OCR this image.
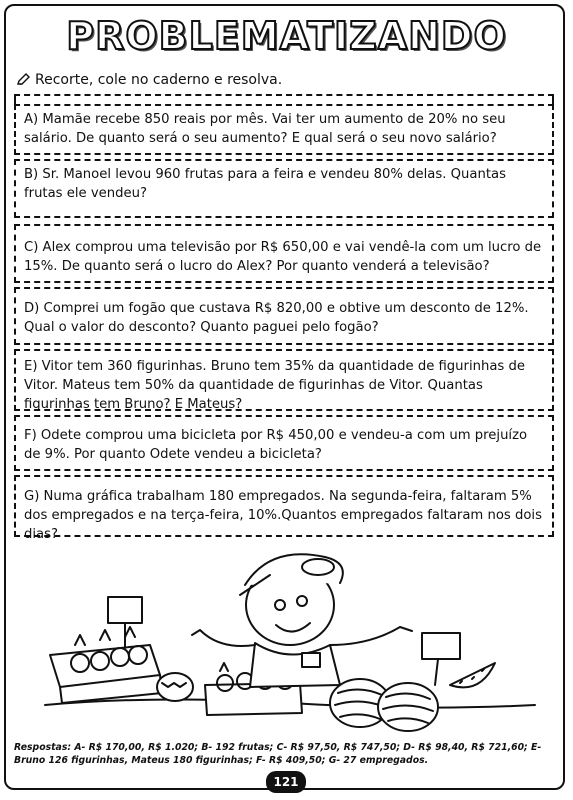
PROBLEMATIZANDO
Recorte, cole no caderno e resolva.
A) Mamãe recebe 850 reais por mês. Vai ter um aumento de 20% no seu salário. De quanto será o seu aumento? E qual será o seu novo salário?
B) Sr. Manoel levou 960 frutas para a feira e vendeu 80% delas. Quantas frutas ele vendeu?
C) Alex comprou uma televisão por R$ 650,00 e vai vendê-la com um lucro de 15%. De quanto será o lucro do Alex? Por quanto venderá a televisão?
D) Comprei um fogão que custava R$ 820,00 e obtive um desconto de 12%. Qual o valor do desconto? Quanto paguei pelo fogão?
E) Vitor tem 360 figurinhas. Bruno tem 35% da quantidade de figurinhas de Vitor. Mateus tem 50% da quantidade de figurinhas de Vitor. Quantas figurinhas tem Bruno? E Mateus?
F) Odete comprou uma bicicleta por R$ 450,00 e vendeu-a com um prejuízo de 9%. Por quanto Odete vendeu a bicicleta?
G) Numa gráfica trabalham 180 empregados. Na segunda-feira, faltaram 5% dos empregados e na terça-feira, 10%.Quantos empregados faltaram nos dois dias?
Respostas: A- R$ 170,00, R$ 1.020; B- 192 frutas; C- R$ 97,50, R$ 747,50; D- R$ 98,40, R$ 721,60; E- Bruno 126 figurinhas, Mateus 180 figurinhas; F- R$ 409,50; G- 27 empregados.
121
